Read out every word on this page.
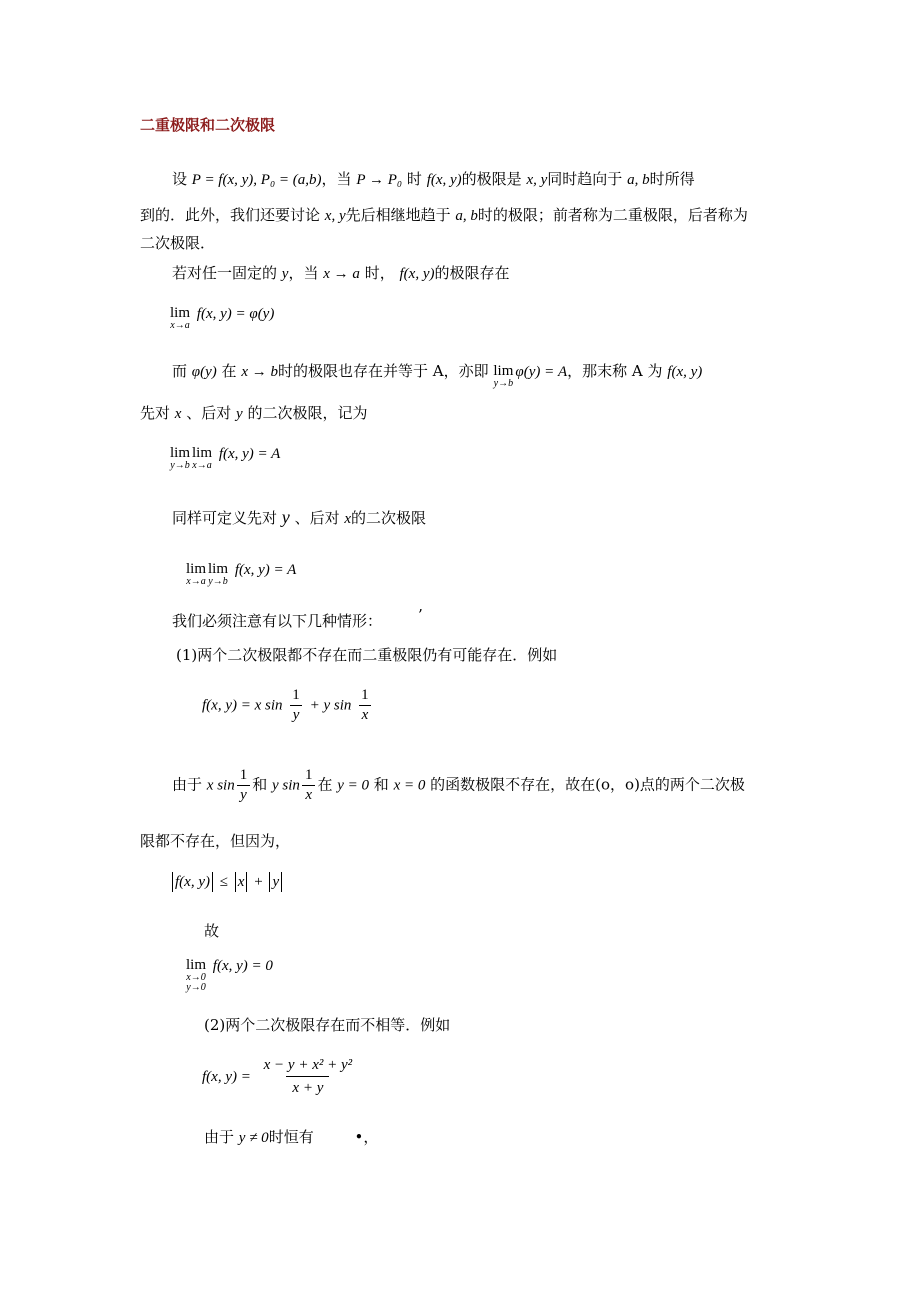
二重极限和二次极限
设 P = f(x, y), P₀ = (a,b)，当 P → P₀ 时 f(x, y)的极限是 x, y同时趋向于 a, b时所得
到的．此外，我们还要讨论 x, y先后相继地趋于 a, b时的极限；前者称为二重极限，后者称为
二次极限．
若对任一固定的 y，当 x → a 时， f(x, y)的极限存在
lim
x→a
f(x, y) = φ(y)
而 φ(y) 在 x → b时的极限也存在并等于 A，亦即 lim
y→b
φ(y) = A，那末称 A 为 f(x, y)
先对 x 、后对 y 的二次极限，记为
lim
y→b
lim
x→a
f(x, y) = A
同样可定义先对 y 、后对 x的二次极限
lim
x→a
lim
y→b
f(x, y) = A
我们必须注意有以下几种情形： ’
(1)两个二次极限都不存在而二重极限仍有可能存在．例如
f(x, y) = x $\sin \frac{1}{y} + y$ $\sin \frac{1}{x}$
由于 x $\sin \frac{1}{y}$ 和 y $\sin \frac{1}{x}$ 在 y = 0 和 x = 0 的函数极限不存在，故在(o，o)点的两个二次极
限都不存在，但因为，
f(x, y) ≤ x + y
故
lim
x→0
y→0
f(x, y) = 0
(2)两个二次极限存在而不相等．例如
f(x, $y) = \frac{\text{x − y + x² + y²}}{x + y}$
由于 y ≠ 0时恒有	•，
